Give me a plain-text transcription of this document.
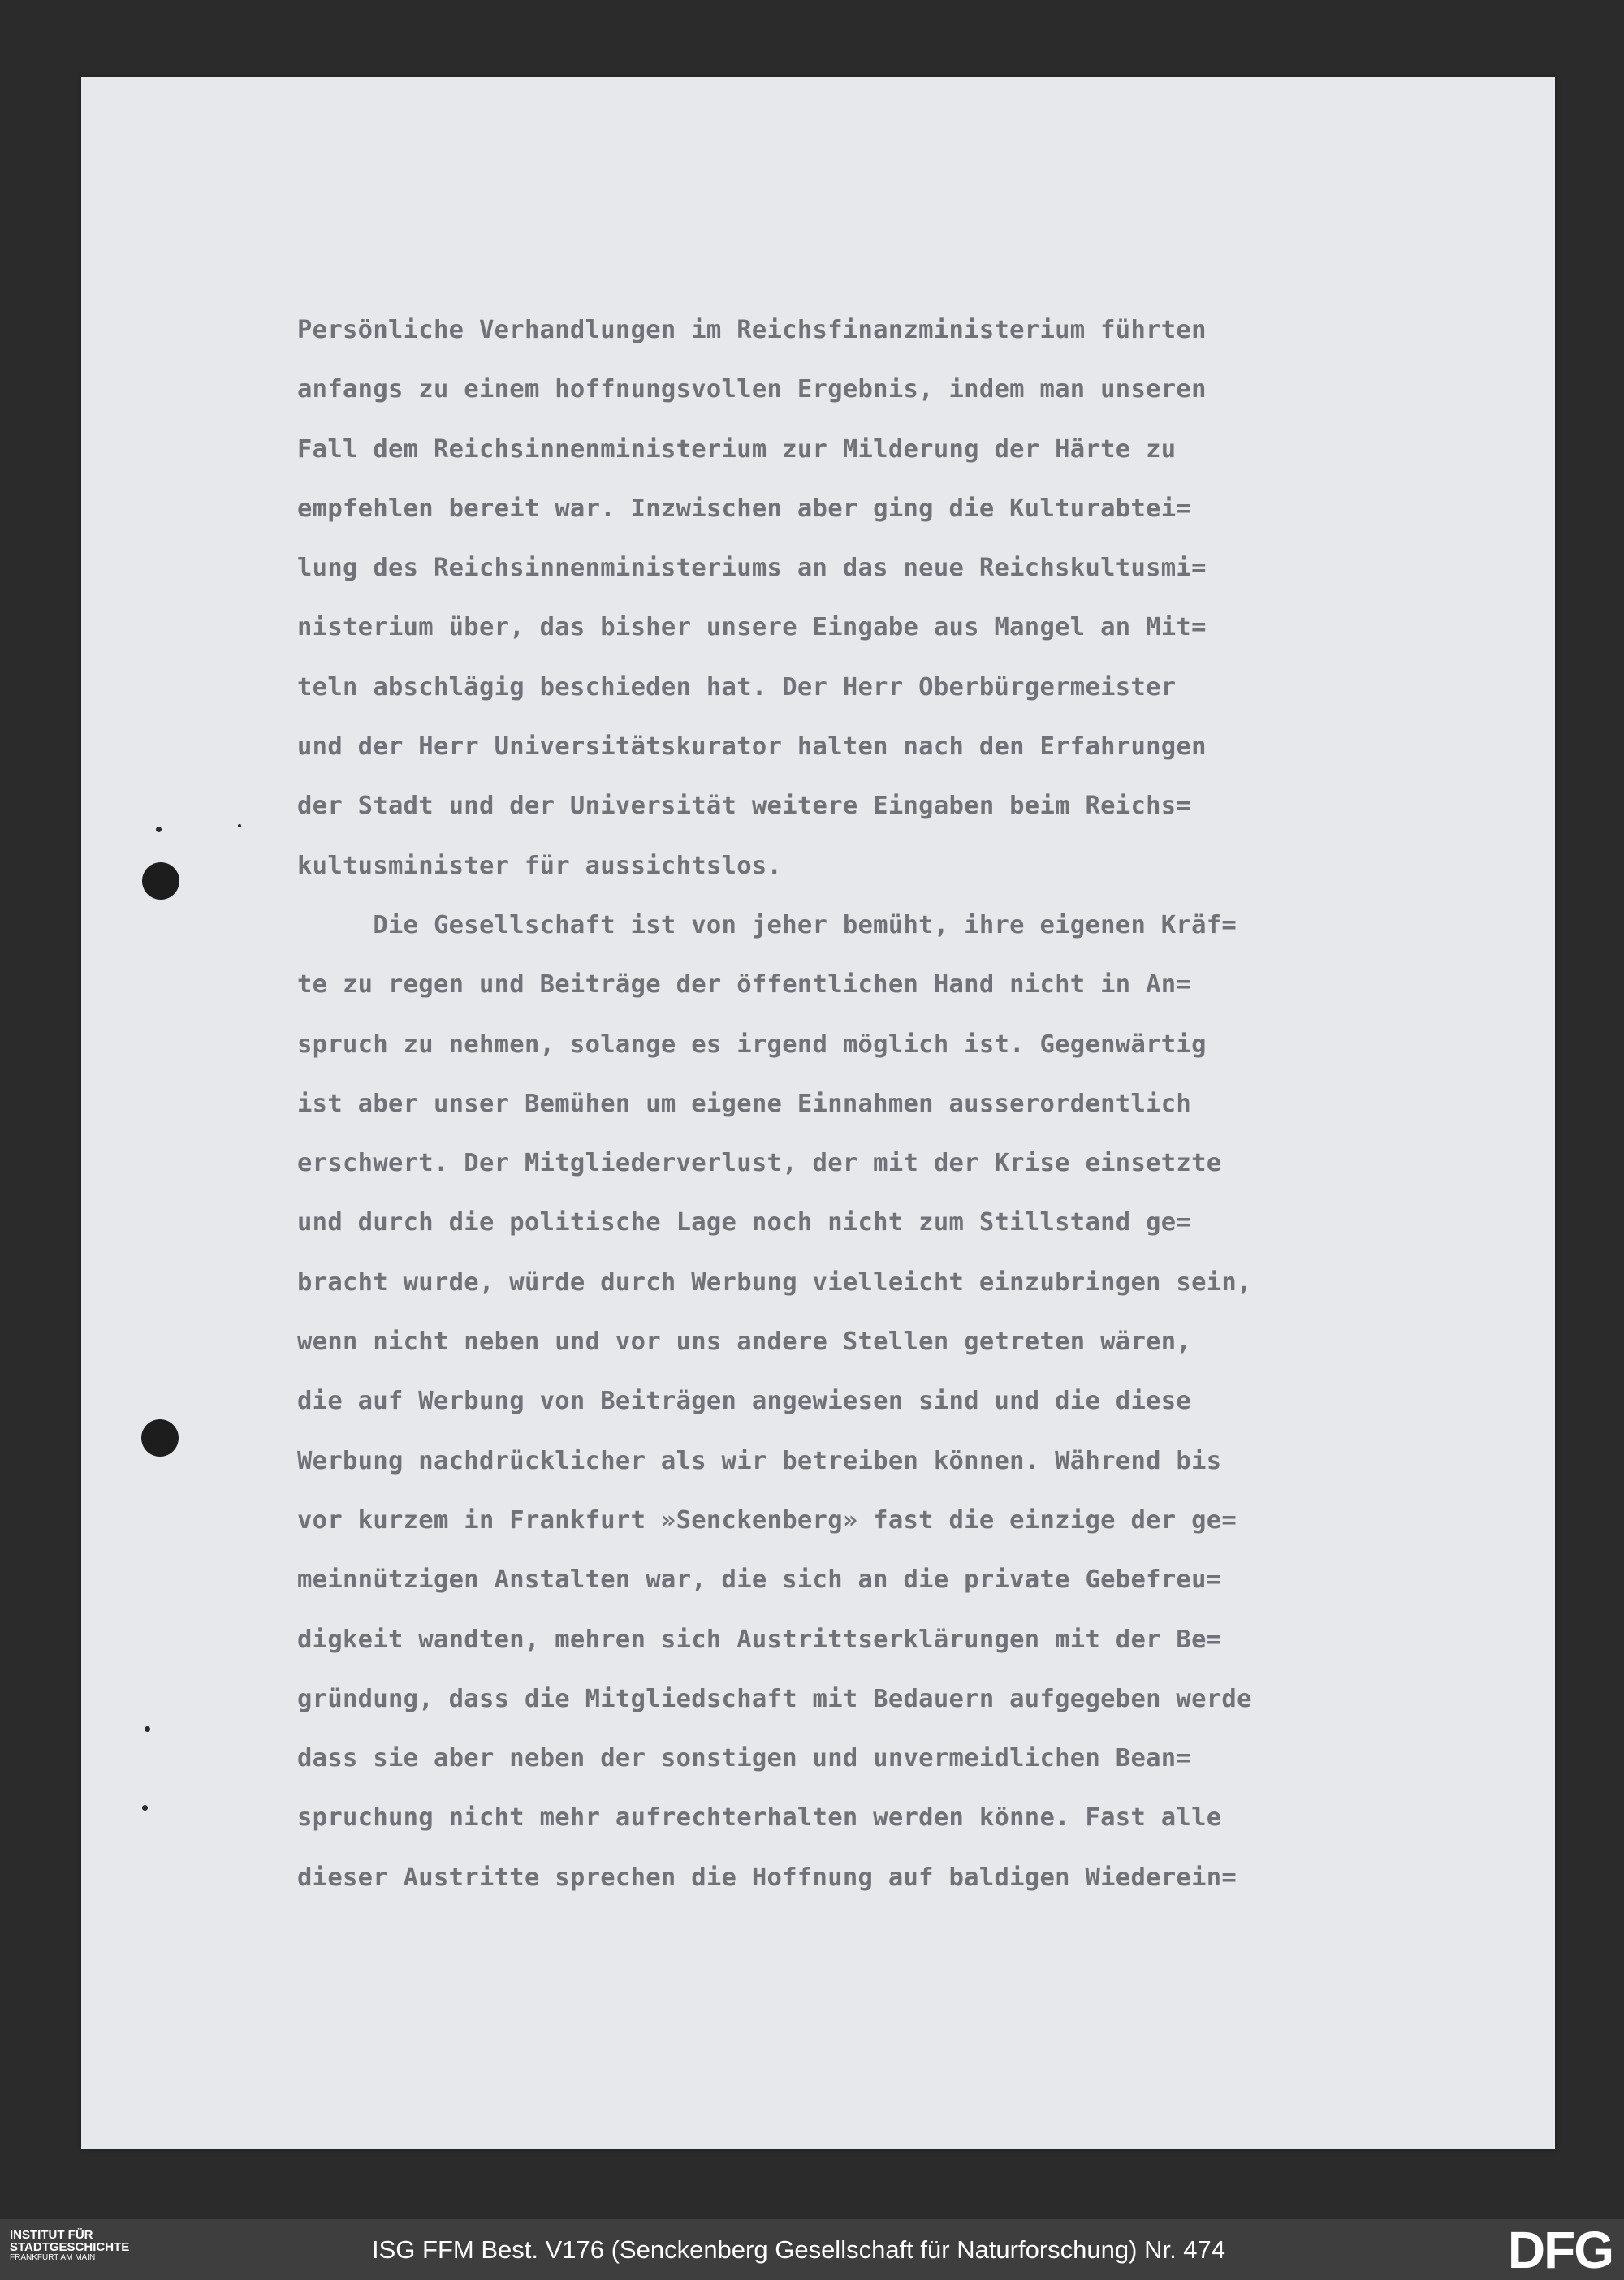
Persönliche Verhandlungen im Reichsfinanzministerium führten
anfangs zu einem hoffnungsvollen Ergebnis, indem man unseren
Fall dem Reichsinnenministerium zur Milderung der Härte zu
empfehlen bereit war. Inzwischen aber ging die Kulturabtei=
lung des Reichsinnenministeriums an das neue Reichskultusmi=
nisterium über, das bisher unsere Eingabe aus Mangel an Mit=
teln abschlägig beschieden hat. Der Herr Oberbürgermeister
und der Herr Universitätskurator halten nach den Erfahrungen
der Stadt und der Universität weitere Eingaben beim Reichs=
kultusminister für aussichtslos.
Die Gesellschaft ist von jeher bemüht, ihre eigenen Kräf=
te zu regen und Beiträge der öffentlichen Hand nicht in An=
spruch zu nehmen, solange es irgend möglich ist. Gegenwärtig
ist aber unser Bemühen um eigene Einnahmen ausserordentlich
erschwert. Der Mitgliederverlust, der mit der Krise einsetzte
und durch die politische Lage noch nicht zum Stillstand ge=
bracht wurde, würde durch Werbung vielleicht einzubringen sein,
wenn nicht neben und vor uns andere Stellen getreten wären,
die auf Werbung von Beiträgen angewiesen sind und die diese
Werbung nachdrücklicher als wir betreiben können. Während bis
vor kurzem in Frankfurt »Senckenberg» fast die einzige der ge=
meinnützigen Anstalten war, die sich an die private Gebefreu=
digkeit wandten, mehren sich Austrittserklärungen mit der Be=
gründung, dass die Mitgliedschaft mit Bedauern aufgegeben werde
dass sie aber neben der sonstigen und unvermeidlichen Bean=
spruchung nicht mehr aufrechterhalten werden könne. Fast alle
dieser Austritte sprechen die Hoffnung auf baldigen Wiederein=
INSTITUT FÜR
STADTGESCHICHTE
FRANKFURT AM MAIN	ISG FFM Best. V176 (Senckenberg Gesellschaft für Naturforschung) Nr. 474	DFG
